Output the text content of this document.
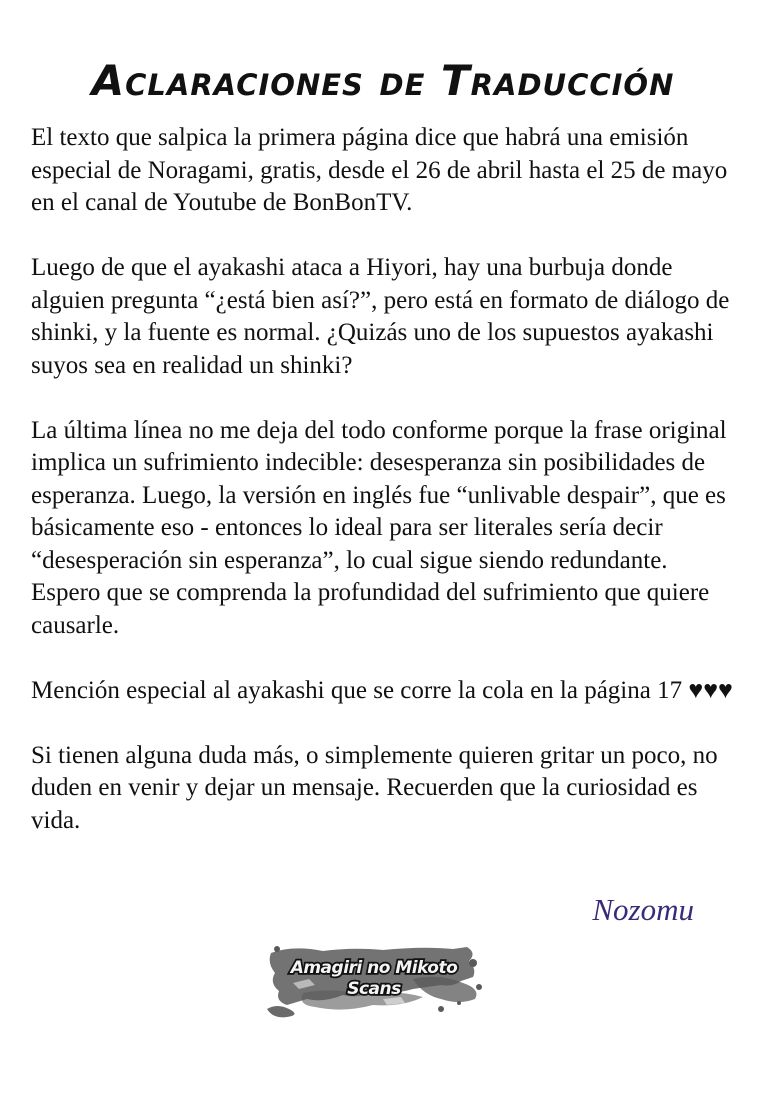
Aclaraciones de Traducción

El texto que salpica la primera página dice que habrá una emisión especial de Noragami, gratis, desde el 26 de abril hasta el 25 de mayo en el canal de Youtube de BonBonTV.

Luego de que el ayakashi ataca a Hiyori, hay una burbuja donde alguien pregunta “¿está bien así?”, pero está en formato de diálogo de shinki, y la fuente es normal. ¿Quizás uno de los supuestos ayakashi suyos sea en realidad un shinki?

La última línea no me deja del todo conforme porque la frase original implica un sufrimiento indecible: desesperanza sin posibilidades de esperanza. Luego, la versión en inglés fue “unlivable despair”, que es básicamente eso - entonces lo ideal para ser literales sería decir “desesperación sin esperanza”, lo cual sigue siendo redundante. Espero que se comprenda la profundidad del sufrimiento que quiere causarle.

Mención especial al ayakashi que se corre la cola en la página 17 ♥♥♥

Si tienen alguna duda más, o simplemente quieren gritar un poco, no duden en venir y dejar un mensaje. Recuerden que la curiosidad es vida.

Nozomu
Amagiri no Mikoto
Scans
